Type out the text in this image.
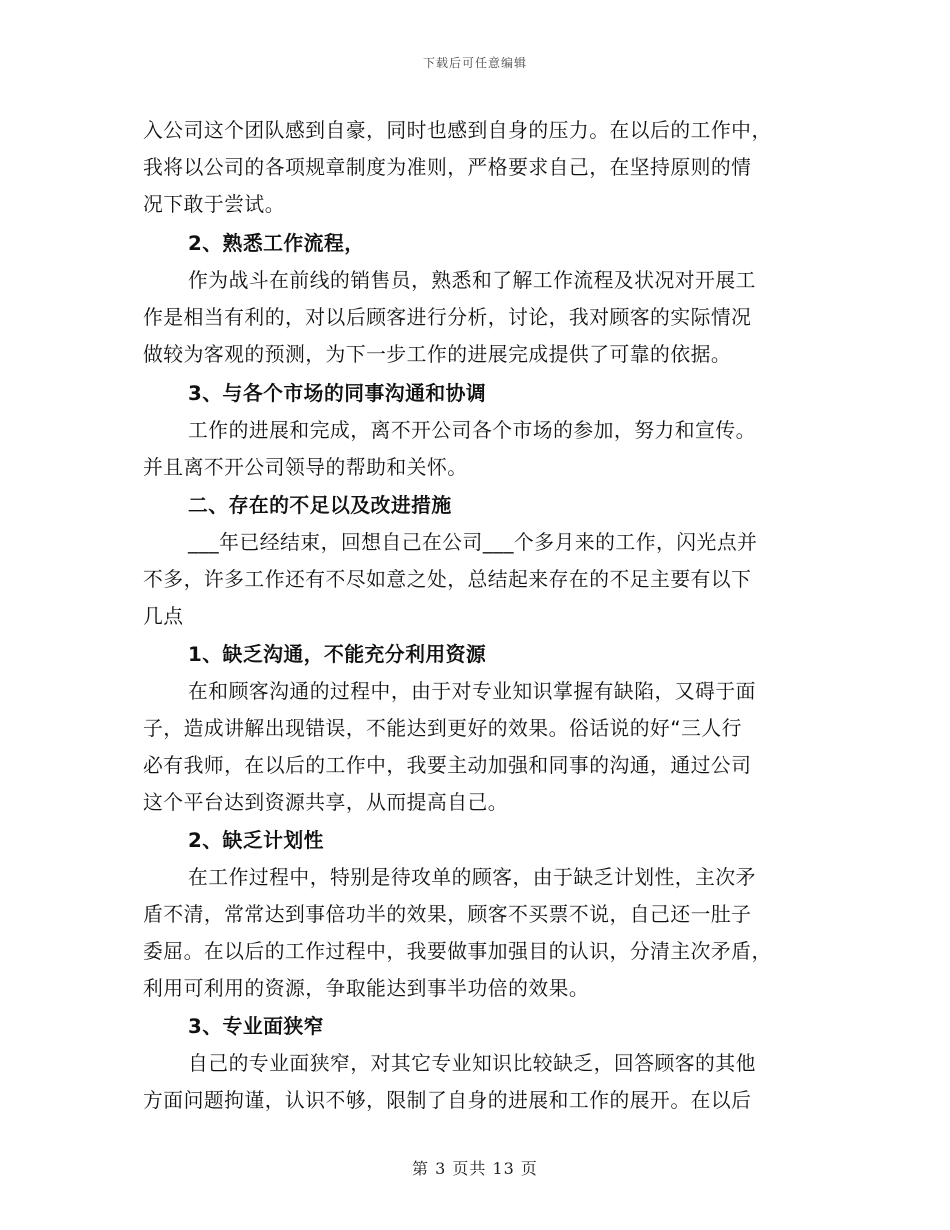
下载后可任意编辑
入公司这个团队感到自豪，同时也感到自身的压力。在以后的工作中，
我将以公司的各项规章制度为准则，严格要求自己，在坚持原则的情
况下敢于尝试。
2、熟悉工作流程，
作为战斗在前线的销售员，熟悉和了解工作流程及状况对开展工
作是相当有利的，对以后顾客进行分析，讨论，我对顾客的实际情况
做较为客观的预测，为下一步工作的进展完成提供了可靠的依据。
3、与各个市场的同事沟通和协调
工作的进展和完成，离不开公司各个市场的参加，努力和宣传。
并且离不开公司领导的帮助和关怀。
二、存在的不足以及改进措施
___年已经结束，回想自己在公司___个多月来的工作，闪光点并
不多，许多工作还有不尽如意之处，总结起来存在的不足主要有以下
几点
1、缺乏沟通，不能充分利用资源
在和顾客沟通的过程中，由于对专业知识掌握有缺陷，又碍于面
子，造成讲解出现错误，不能达到更好的效果。俗话说的好“三人行
必有我师，在以后的工作中，我要主动加强和同事的沟通，通过公司
这个平台达到资源共享，从而提高自己。
2、缺乏计划性
在工作过程中，特别是待攻单的顾客，由于缺乏计划性，主次矛
盾不清，常常达到事倍功半的效果，顾客不买票不说，自己还一肚子
委屈。在以后的工作过程中，我要做事加强目的认识，分清主次矛盾，
利用可利用的资源，争取能达到事半功倍的效果。
3、专业面狭窄
自己的专业面狭窄，对其它专业知识比较缺乏，回答顾客的其他
方面问题拘谨，认识不够，限制了自身的进展和工作的展开。在以后
第 3 页共 13 页
